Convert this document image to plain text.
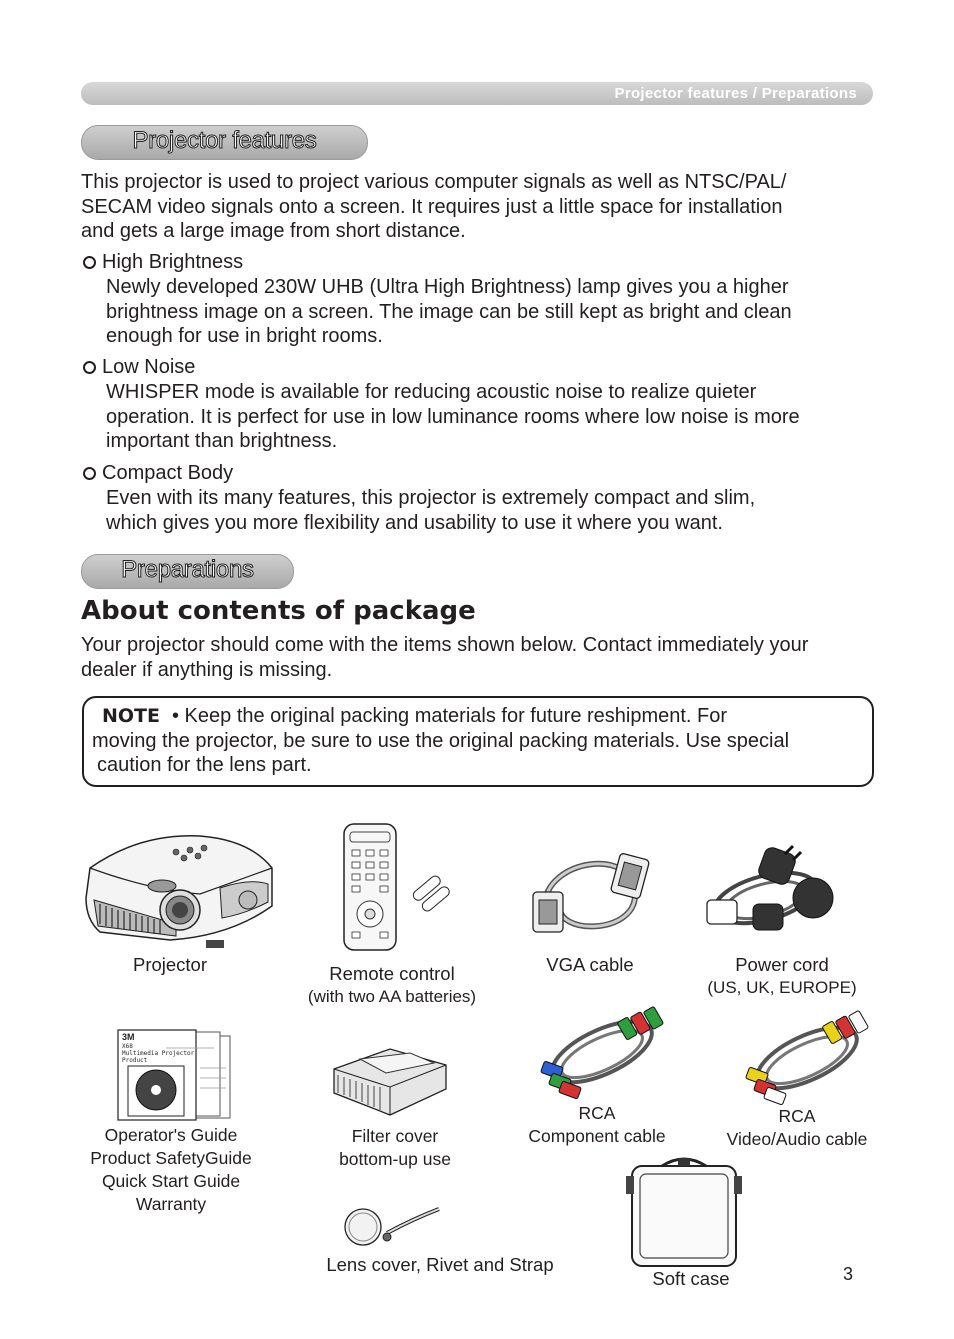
Projector features / Preparations
Projector features
This projector is used to project various computer signals as well as NTSC/PAL/
SECAM video signals onto a screen. It requires just a little space for installation
and gets a large image from short distance.
High Brightness
Newly developed 230W UHB (Ultra High Brightness) lamp gives you a higher
brightness image on a screen. The image can be still kept as bright and clean
enough for use in bright rooms.
Low Noise
WHISPER mode is available for reducing acoustic noise to realize quieter
operation. It is perfect for use in low luminance rooms where low noise is more
important than brightness.
Compact Body
Even with its many features, this projector is extremely compact and slim,
which gives you more flexibility and usability to use it where you want.
Preparations
About contents of package
Your projector should come with the items shown below. Contact immediately your
dealer if anything is missing.
NOTE • Keep the original packing materials for future reshipment. For
moving the projector, be sure to use the original packing materials. Use special
caution for the lens part.
Projector	Remote control
(with two AA batteries)
VGA cable	Power cord
(US, UK, EUROPE)
3M
X68
Multimedia Projector
Product
Operator's Guide
Product SafetyGuide
Quick Start Guide
Warranty
Filter cover
bottom-up use
RCA
Component cable
RCA
Video/Audio cable
Lens cover, Rivet and Strap
Soft case	3
